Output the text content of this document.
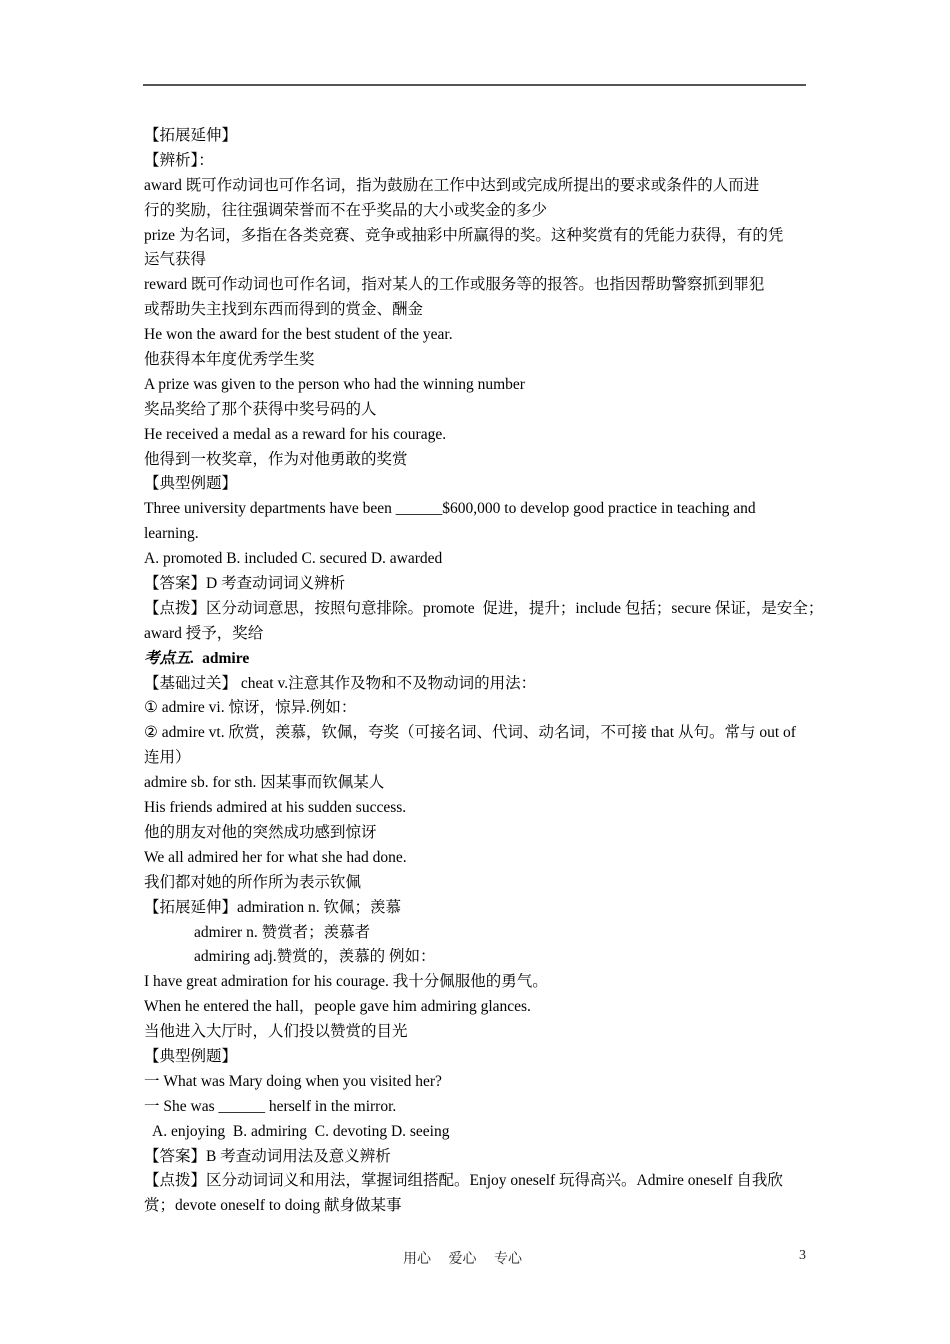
【拓展延伸】
【辨析】：
award 既可作动词也可作名词，指为鼓励在工作中达到或完成所提出的要求或条件的人而进
行的奖励，往往强调荣誉而不在乎奖品的大小或奖金的多少
prize 为名词，多指在各类竞赛、竞争或抽彩中所赢得的奖。这种奖赏有的凭能力获得，有的凭
运气获得
reward 既可作动词也可作名词，指对某人的工作或服务等的报答。也指因帮助警察抓到罪犯
或帮助失主找到东西而得到的赏金、酬金
He won the award for the best student of the year.
他获得本年度优秀学生奖
A prize was given to the person who had the winning number
奖品奖给了那个获得中奖号码的人
He received a medal as a reward for his courage.
他得到一枚奖章，作为对他勇敢的奖赏
【典型例题】
Three university departments have been ______$600,000 to develop good practice in teaching and
learning.
A. promoted B. included C. secured D. awarded
【答案】D 考查动词词义辨析
【点拨】区分动词意思，按照句意排除。promote  促进，提升；include 包括；secure 保证，是安全；
award 授予，奖给
考点五. admire
【基础过关】 cheat v.注意其作及物和不及物动词的用法：
① admire vi. 惊讶，惊异.例如：
② admire vt. 欣赏，羡慕，钦佩，夸奖（可接名词、代词、动名词，不可接 that 从句。常与 out of
连用）
admire sb. for sth. 因某事而钦佩某人
His friends admired at his sudden success.
他的朋友对他的突然成功感到惊讶
We all admired her for what she had done.
我们都对她的所作所为表示钦佩
【拓展延伸】admiration n. 钦佩；羡慕
admirer n. 赞赏者；羡慕者
admiring adj.赞赏的，羡慕的 例如：
I have great admiration for his courage. 我十分佩服他的勇气。
When he entered the hall，people gave him admiring glances.
当他进入大厅时，人们投以赞赏的目光
【典型例题】
一 What was Mary doing when you visited her?
一 She was ______ herself in the mirror.
A. enjoying  B. admiring  C. devoting D. seeing
【答案】B 考查动词用法及意义辨析
【点拨】区分动词词义和用法，掌握词组搭配。Enjoy oneself 玩得高兴。Admire oneself 自我欣
赏；devote oneself to doing 献身做某事
用心 爱心 专心	3
